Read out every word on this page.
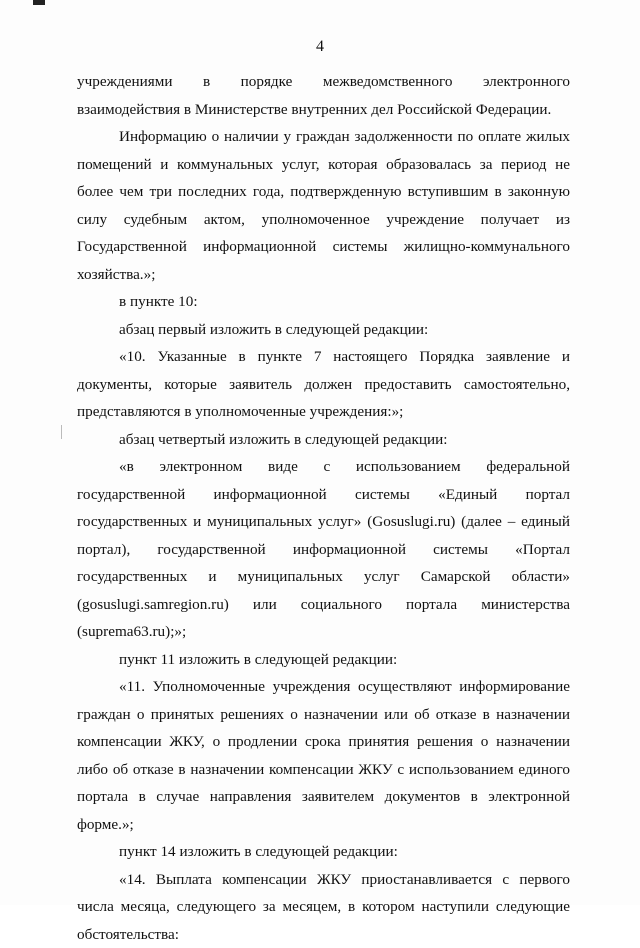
4

учреждениями в порядке межведомственного электронного взаимодействия в Министерстве внутренних дел Российской Федерации.

Информацию о наличии у граждан задолженности по оплате жилых помещений и коммунальных услуг, которая образовалась за период не более чем три последних года, подтвержденную вступившим в законную силу судебным актом, уполномоченное учреждение получает из Государственной информационной системы жилищно-коммунального хозяйства.»;

в пункте 10:

абзац первый изложить в следующей редакции:

«10. Указанные в пункте 7 настоящего Порядка заявление и документы, которые заявитель должен предоставить самостоятельно, представляются в уполномоченные учреждения:»;

абзац четвертый изложить в следующей редакции:

«в электронном виде с использованием федеральной государственной информационной системы «Единый портал государственных и муниципальных услуг» (Gosuslugi.ru) (далее – единый портал), государственной информационной системы «Портал государственных и муниципальных услуг Самарской области» (gosuslugi.samregion.ru) или социального портала министерства (suprema63.ru);»;

пункт 11 изложить в следующей редакции:

«11. Уполномоченные учреждения осуществляют информирование граждан о принятых решениях о назначении или об отказе в назначении компенсации ЖКУ, о продлении срока принятия решения о назначении либо об отказе в назначении компенсации ЖКУ с использованием единого портала в случае направления заявителем документов в электронной форме.»;

пункт 14 изложить в следующей редакции:

«14. Выплата компенсации ЖКУ приостанавливается с первого числа месяца, следующего за месяцем, в котором наступили следующие обстоятельства:
